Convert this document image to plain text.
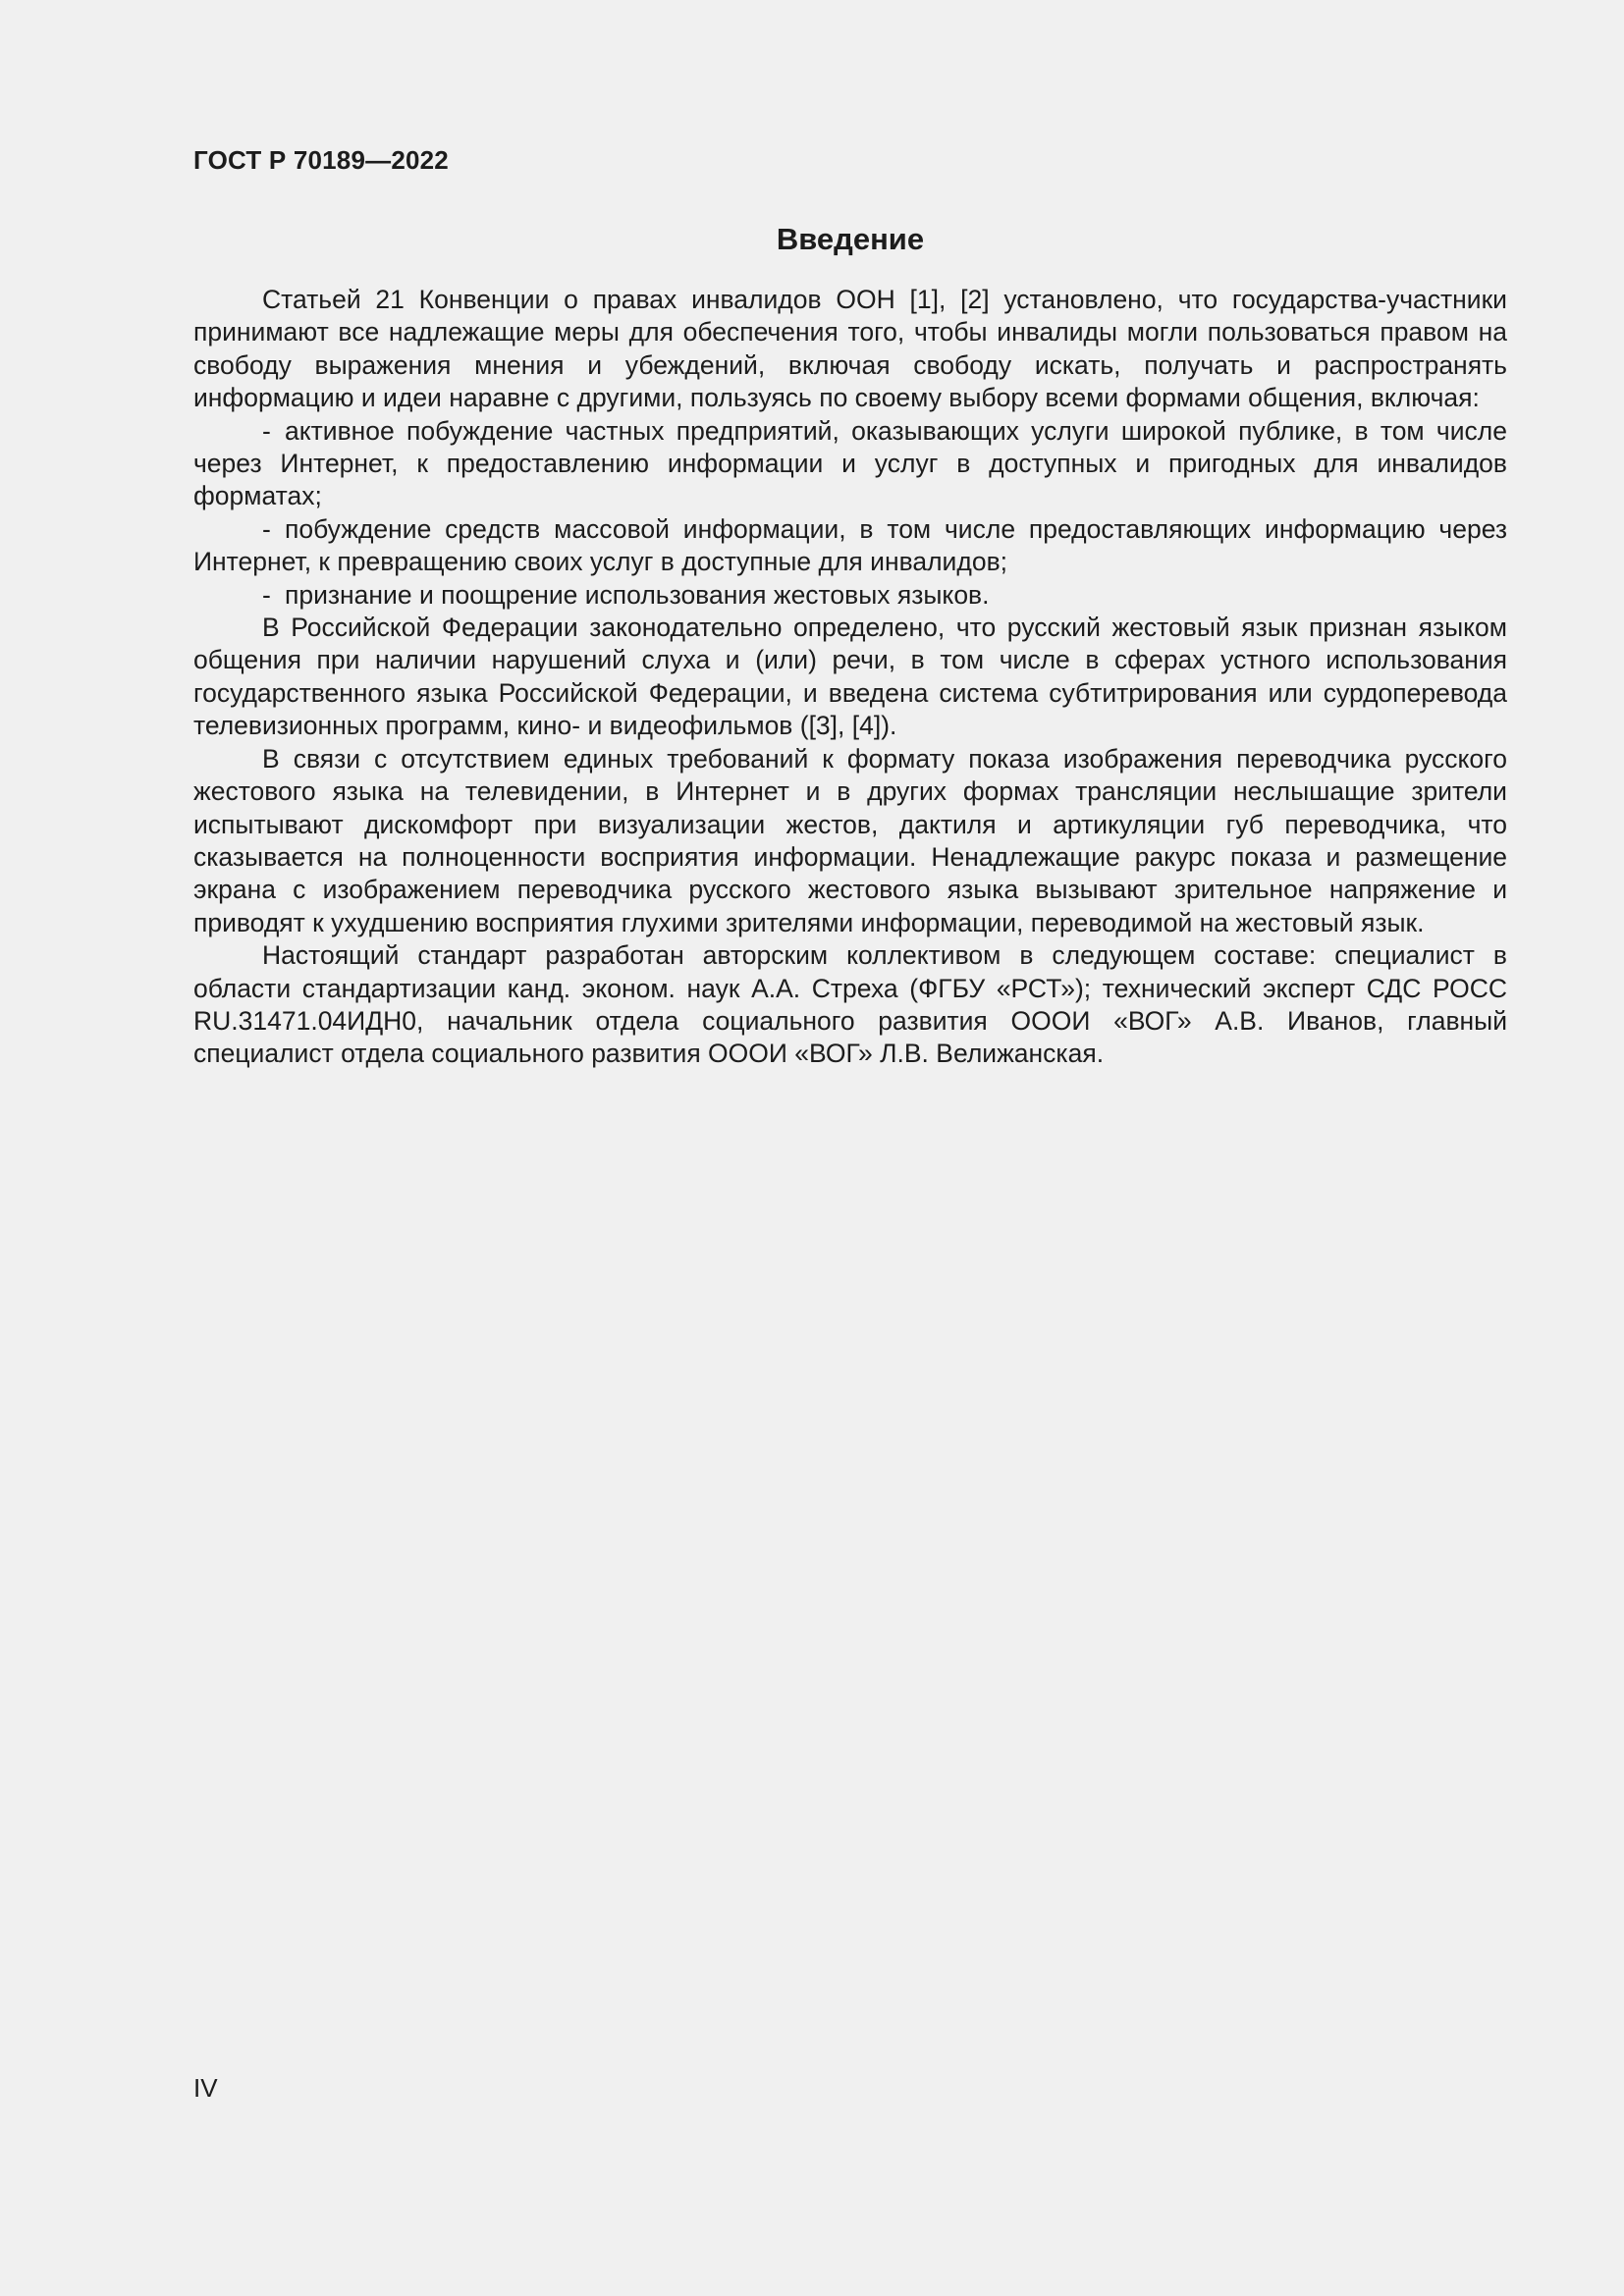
ГОСТ Р 70189—2022
Введение

Статьей 21 Конвенции о правах инвалидов ООН [1], [2] установлено, что государства-участники принимают все надлежащие меры для обеспечения того, чтобы инвалиды могли пользоваться правом на свободу выражения мнения и убеждений, включая свободу искать, получать и распространять информацию и идеи наравне с другими, пользуясь по своему выбору всеми формами общения, включая:

- активное побуждение частных предприятий, оказывающих услуги широкой публике, в том числе через Интернет, к предоставлению информации и услуг в доступных и пригодных для инвалидов форматах;

- побуждение средств массовой информации, в том числе предоставляющих информацию через Интернет, к превращению своих услуг в доступные для инвалидов;

- признание и поощрение использования жестовых языков.

В Российской Федерации законодательно определено, что русский жестовый язык признан языком общения при наличии нарушений слуха и (или) речи, в том числе в сферах устного использования государственного языка Российской Федерации, и введена система субтитрирования или сурдоперевода телевизионных программ, кино- и видеофильмов ([3], [4]).

В связи с отсутствием единых требований к формату показа изображения переводчика русского жестового языка на телевидении, в Интернет и в других формах трансляции неслышащие зрители испытывают дискомфорт при визуализации жестов, дактиля и артикуляции губ переводчика, что сказывается на полноценности восприятия информации. Ненадлежащие ракурс показа и размещение экрана с изображением переводчика русского жестового языка вызывают зрительное напряжение и приводят к ухудшению восприятия глухими зрителями информации, переводимой на жестовый язык.

Настоящий стандарт разработан авторским коллективом в следующем составе: специалист в области стандартизации канд. эконом. наук А.А. Стреха (ФГБУ «РСТ»); технический эксперт СДС РОСС RU.31471.04ИДН0, начальник отдела социального развития ОООИ «ВОГ» А.В. Иванов, главный специалист отдела социального развития ОООИ «ВОГ» Л.В. Велижанская.

IV
